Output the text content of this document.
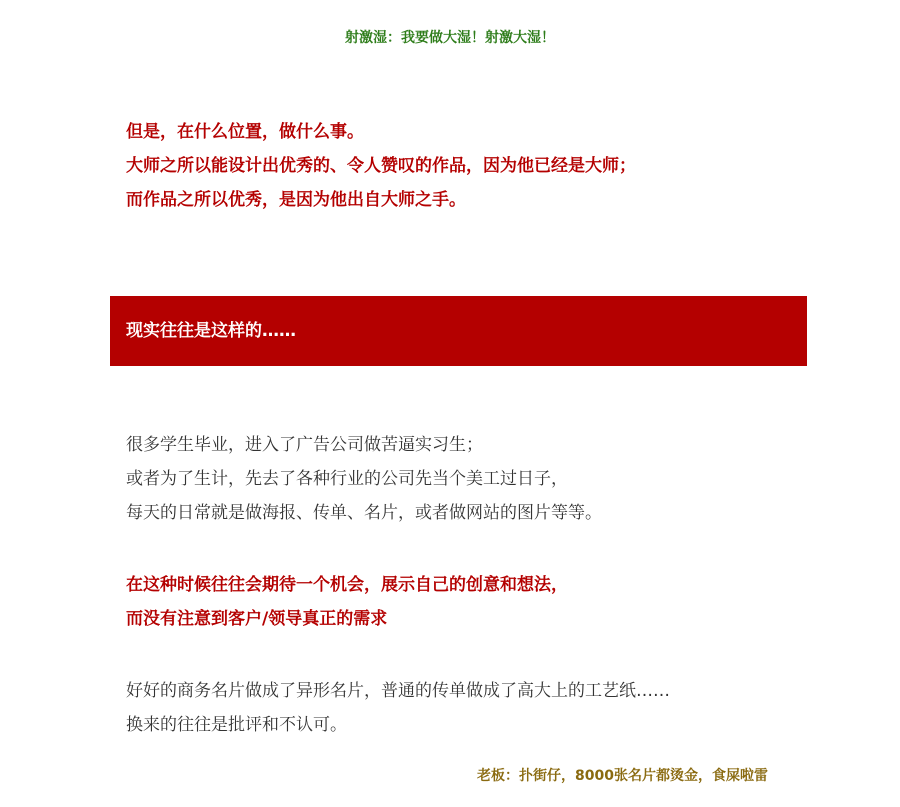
射激湿：我要做大湿！射激大湿！
但是，在什么位置，做什么事。
大师之所以能设计出优秀的、令人赞叹的作品，因为他已经是大师；
而作品之所以优秀，是因为他出自大师之手。
现实往往是这样的……
很多学生毕业，进入了广告公司做苦逼实习生；
或者为了生计，先去了各种行业的公司先当个美工过日子，
每天的日常就是做海报、传单、名片，或者做网站的图片等等。
在这种时候往往会期待一个机会，展示自己的创意和想法，
而没有注意到客户/领导真正的需求
好好的商务名片做成了异形名片，普通的传单做成了高大上的工艺纸……
换来的往往是批评和不认可。
老板：扑街仔，8000张名片都烫金，食屎啦雷
